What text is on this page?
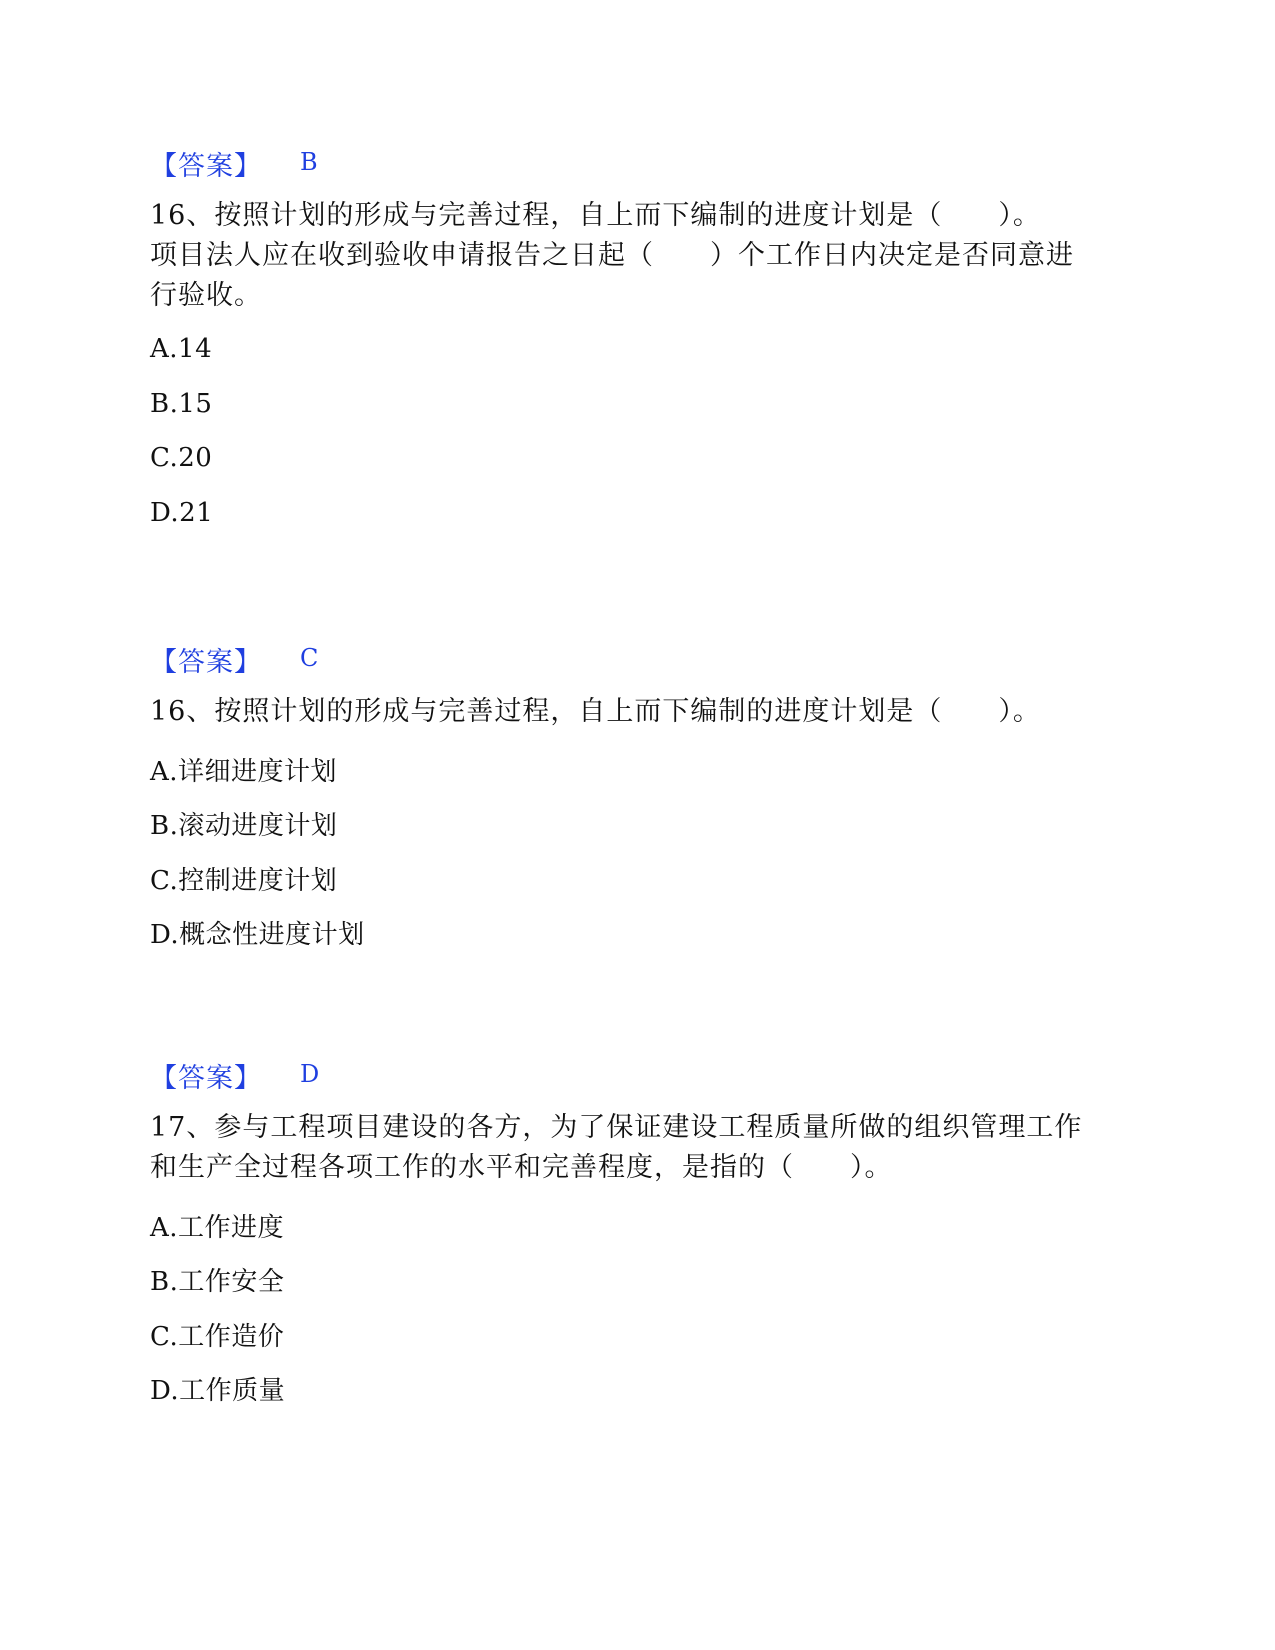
【答案】 B
16、按照计划的形成与完善过程，自上而下编制的进度计划是（　　）。
项目法人应在收到验收申请报告之日起（　　）个工作日内决定是否同意进
行验收。
A.14
B.15
C.20
D.21
【答案】 C
16、按照计划的形成与完善过程，自上而下编制的进度计划是（　　）。
A.详细进度计划
B.滚动进度计划
C.控制进度计划
D.概念性进度计划
【答案】 D
17、参与工程项目建设的各方，为了保证建设工程质量所做的组织管理工作
和生产全过程各项工作的水平和完善程度，是指的（　　）。
A.工作进度
B.工作安全
C.工作造价
D.工作质量
